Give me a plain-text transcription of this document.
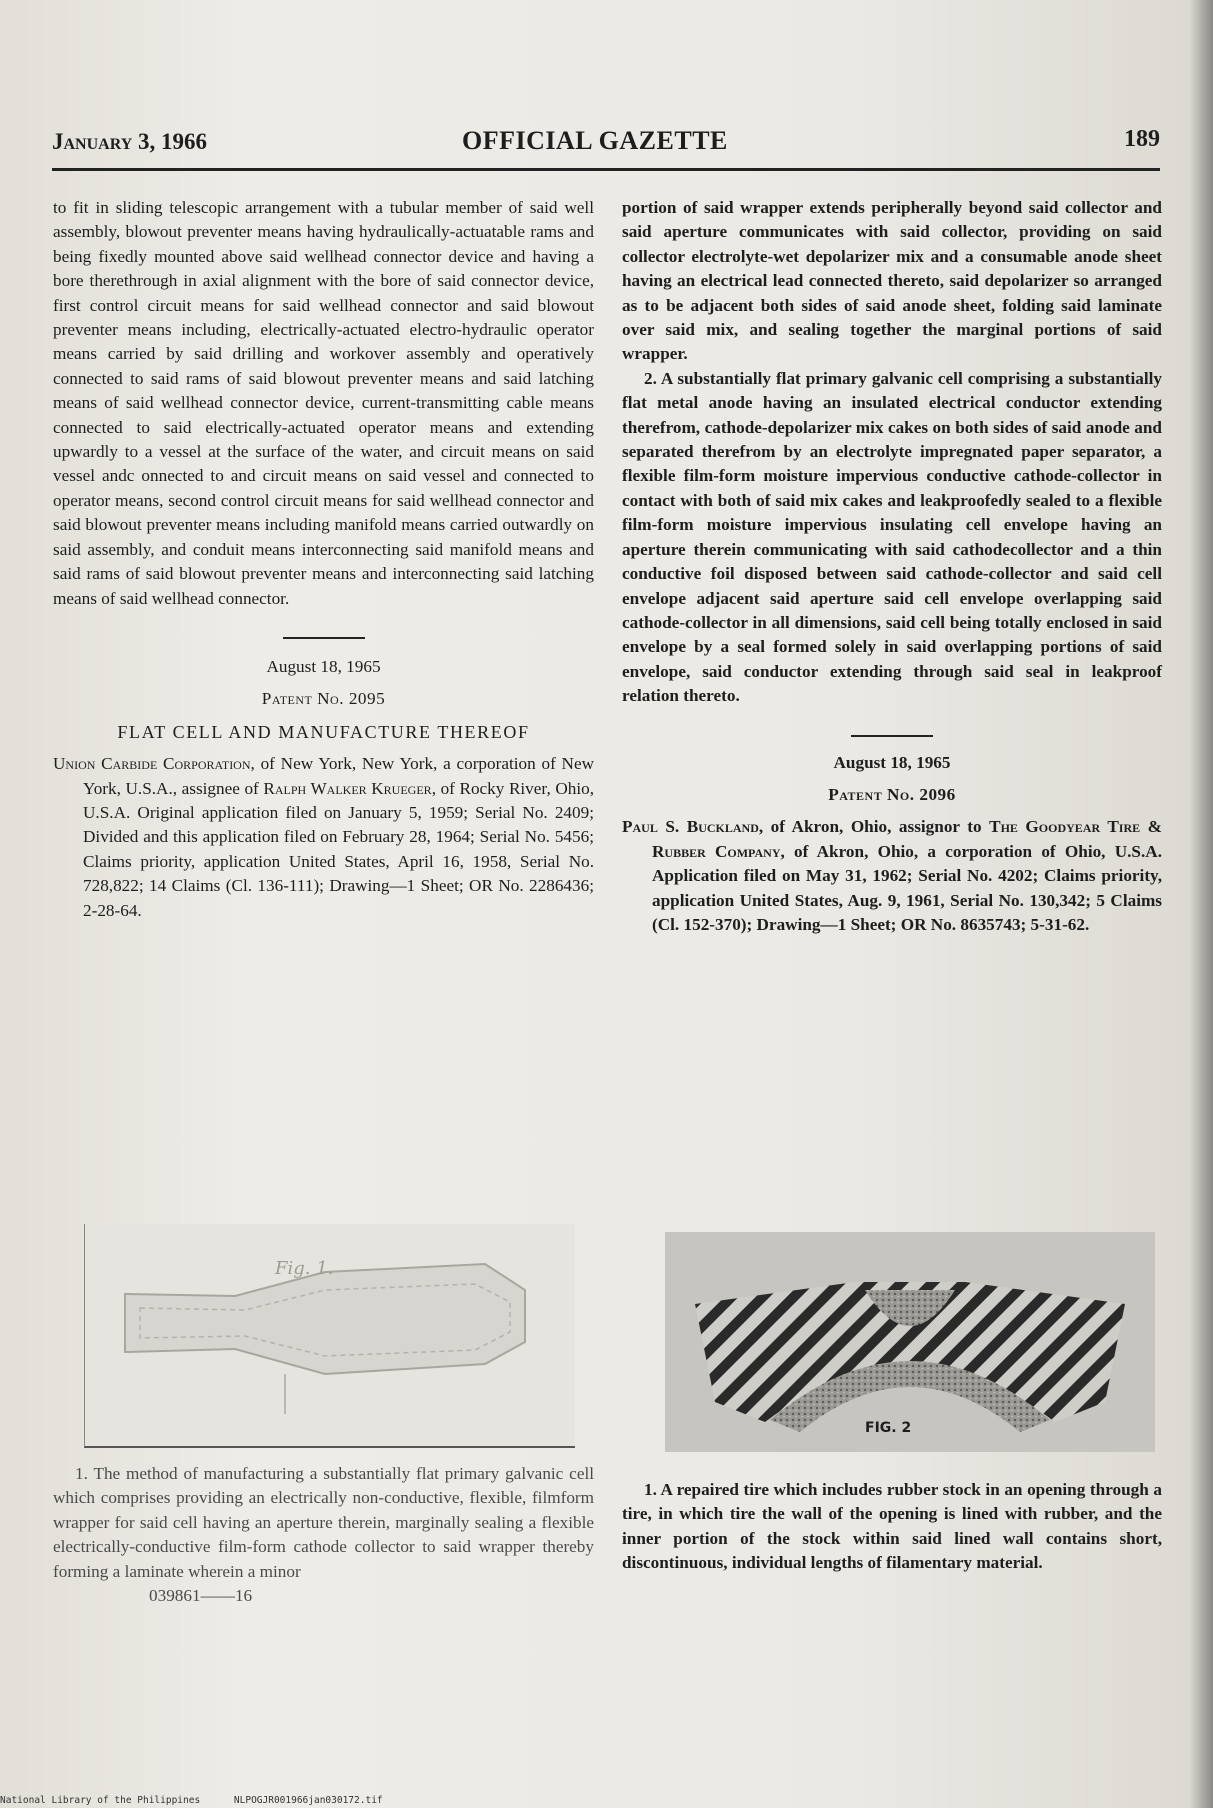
January 3, 1966	OFFICIAL GAZETTE	189

to fit in sliding telescopic arrangement with a tubular member of said well assembly, blowout preventer means having hydraulically-actuatable rams and being fixedly mounted above said wellhead connector device and having a bore therethrough in axial alignment with the bore of said connector device, first control circuit means for said wellhead connector and said blowout preventer means including, electrically-actuated electro-hydraulic operator means carried by said drilling and workover assembly and operatively connected to said rams of said blowout preventer means and said latching means of said wellhead connector device, current-transmitting cable means connected to said electrically-actuated operator means and extending upwardly to a vessel at the surface of the water, and circuit means on said vessel andc onnected to and circuit means on said vessel and connected to operator means, second control circuit means for said wellhead connector and said blowout preventer means including manifold means carried outwardly on said assembly, and conduit means interconnecting said manifold means and said rams of said blowout preventer means and interconnecting said latching means of said wellhead connector.

August 18, 1965

Patent No. 2095

FLAT CELL AND MANUFACTURE THEREOF

Union Carbide Corporation, of New York, New York, a corporation of New York, U.S.A., assignee of Ralph Walker Krueger, of Rocky River, Ohio, U.S.A. Original application filed on January 5, 1959; Serial No. 2409; Divided and this application filed on February 28, 1964; Serial No. 5456; Claims priority, application United States, April 16, 1958, Serial No. 728,822; 14 Claims (Cl. 136-111); Drawing—1 Sheet; OR No. 2286436; 2-28-64.

Fig. 1.

1. The method of manufacturing a substantially flat primary galvanic cell which comprises providing an electrically non-conductive, flexible, filmform wrapper for said cell having an aperture therein, marginally sealing a flexible electrically-conductive film-form cathode collector to said wrapper thereby forming a laminate wherein a minor

039861——16

portion of said wrapper extends peripherally beyond said collector and said aperture communicates with said collector, providing on said collector electrolyte-wet depolarizer mix and a consumable anode sheet having an electrical lead connected thereto, said depolarizer so arranged as to be adjacent both sides of said anode sheet, folding said laminate over said mix, and sealing together the marginal portions of said wrapper.

2. A substantially flat primary galvanic cell comprising a substantially flat metal anode having an insulated electrical conductor extending therefrom, cathode-depolarizer mix cakes on both sides of said anode and separated therefrom by an electrolyte impregnated paper separator, a flexible film-form moisture impervious conductive cathode-collector in contact with both of said mix cakes and leakproofedly sealed to a flexible film-form moisture impervious insulating cell envelope having an aperture therein communicating with said cathodecollector and a thin conductive foil disposed between said cathode-collector and said cell envelope adjacent said aperture said cell envelope overlapping said cathode-collector in all dimensions, said cell being totally enclosed in said envelope by a seal formed solely in said overlapping portions of said envelope, said conductor extending through said seal in leakproof relation thereto.

August 18, 1965

Patent No. 2096

Paul S. Buckland, of Akron, Ohio, assignor to The Goodyear Tire & Rubber Company, of Akron, Ohio, a corporation of Ohio, U.S.A. Application filed on May 31, 1962; Serial No. 4202; Claims priority, application United States, Aug. 9, 1961, Serial No. 130,342; 5 Claims (Cl. 152-370); Drawing—1 Sheet; OR No. 8635743; 5-31-62.

FIG. 2

1. A repaired tire which includes rubber stock in an opening through a tire, in which tire the wall of the opening is lined with rubber, and the inner portion of the stock within said lined wall contains short, discontinuous, individual lengths of filamentary material.

National Library of the Philippines	NLPOGJR001966jan030172.tif
